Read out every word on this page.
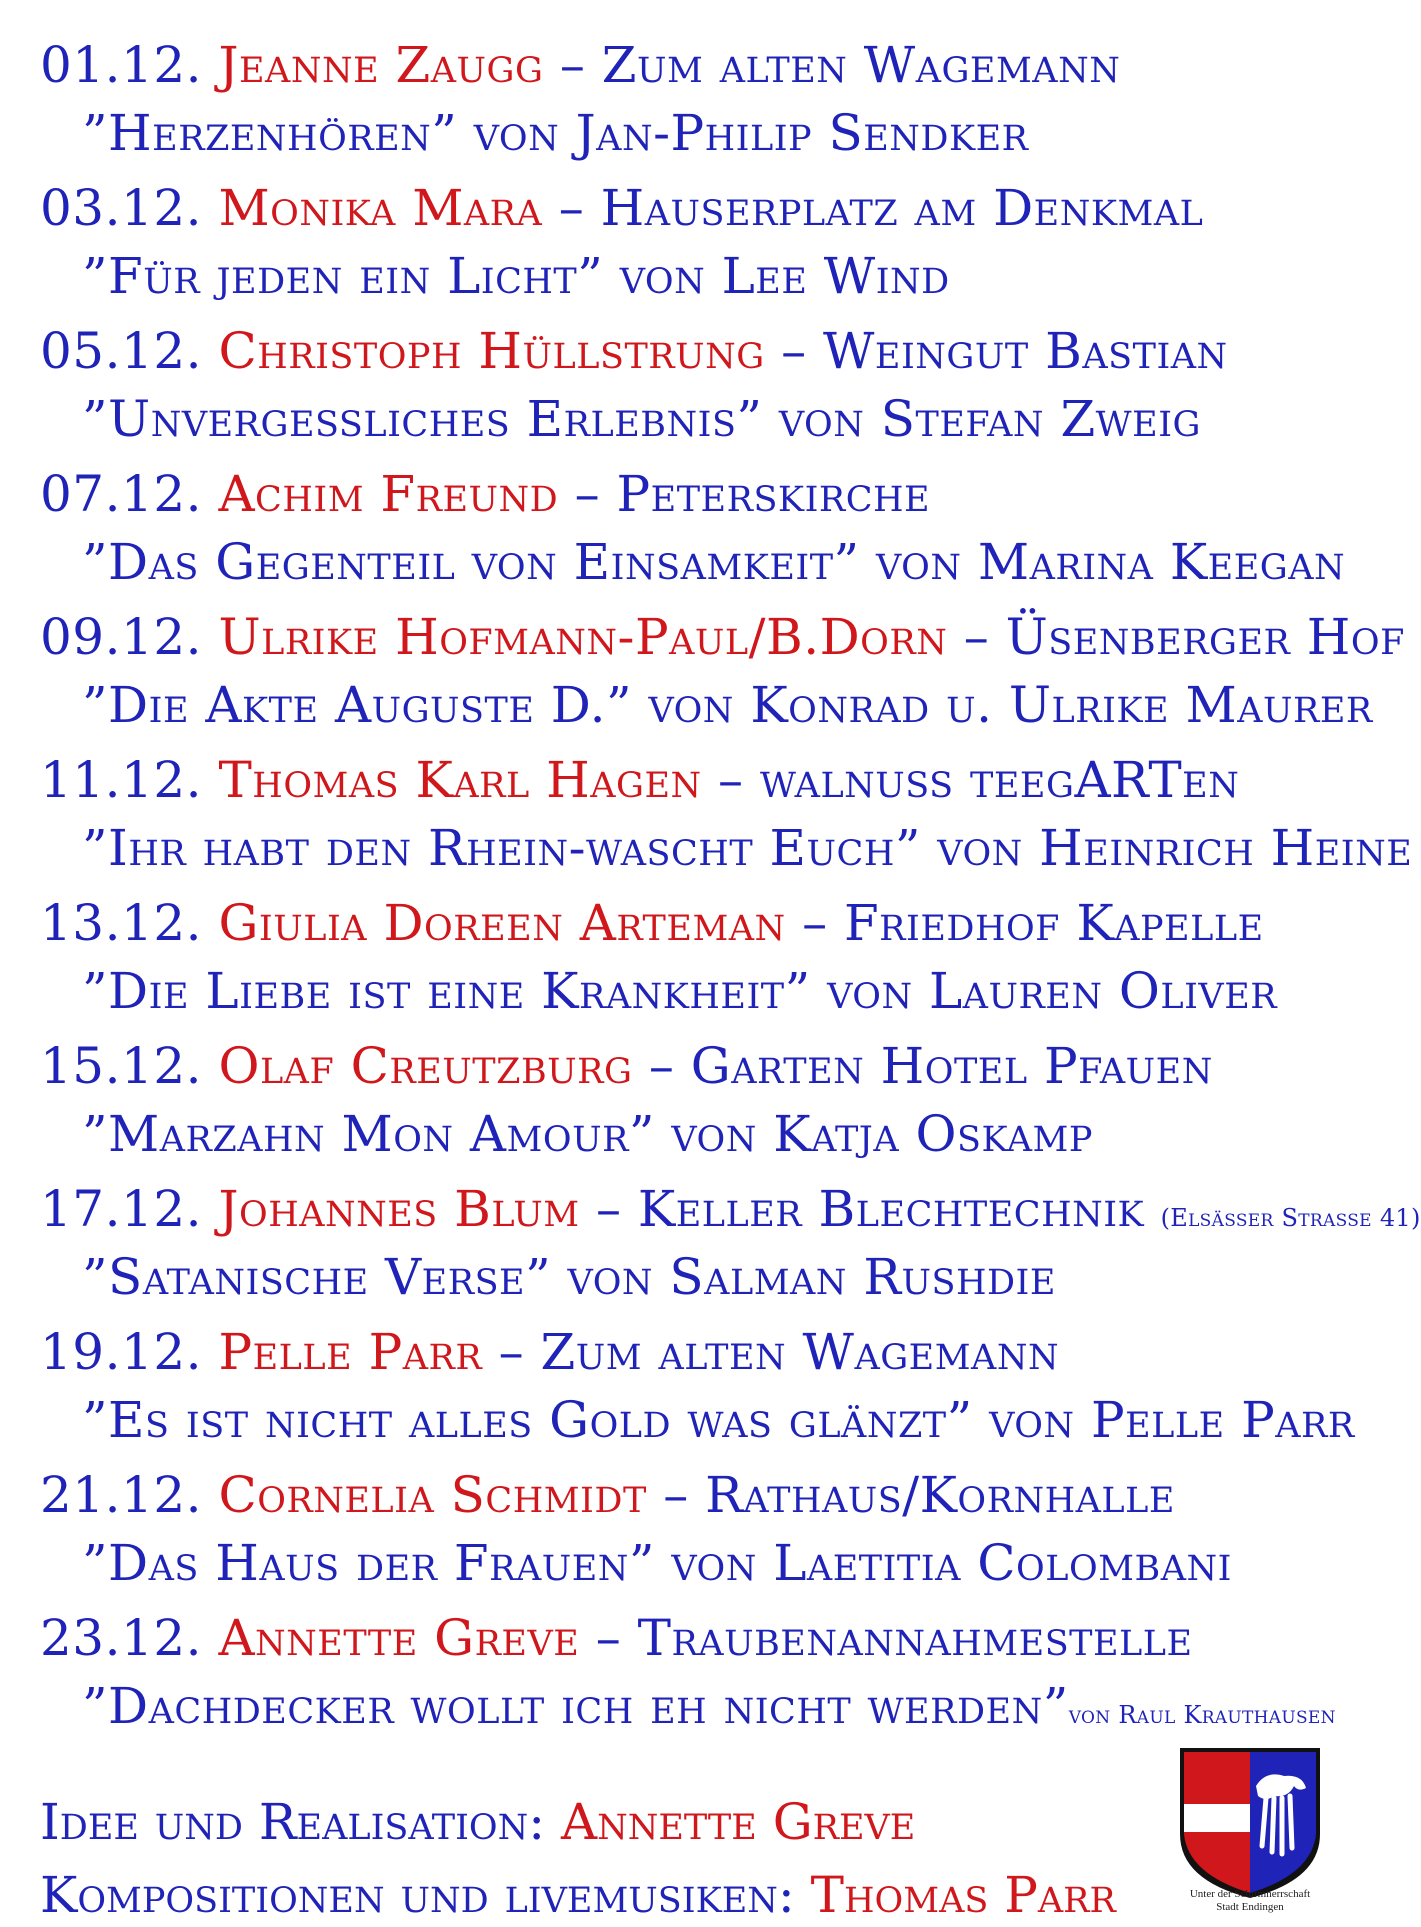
01.12. Jeanne Zaugg – Zum alten Wagemann
”Herzenhören” von Jan-Philip Sendker
03.12. Monika Mara – Hauserplatz am Denkmal
”Für jeden ein Licht” von Lee Wind
05.12. Christoph Hüllstrung – Weingut Bastian
”Unvergessliches Erlebnis” von Stefan Zweig
07.12. Achim Freund – Peterskirche
”Das Gegenteil von Einsamkeit” von Marina Keegan
09.12. Ulrike Hofmann-Paul/B.Dorn – Üsenberger Hof
”Die Akte Auguste D.” von Konrad u. Ulrike Maurer
11.12. Thomas Karl Hagen – walnuss teegARTen
”Ihr habt den Rhein-wascht Euch” von Heinrich Heine
13.12. Giulia Doreen Arteman – Friedhof Kapelle
”Die Liebe ist eine Krankheit” von Lauren Oliver
15.12. Olaf Creutzburg – Garten Hotel Pfauen
”Marzahn Mon Amour” von Katja Oskamp
17.12. Johannes Blum – Keller Blechtechnik (Elsässer Strasse 41)
”Satanische Verse” von Salman Rushdie
19.12. Pelle Parr – Zum alten Wagemann
”Es ist nicht alles Gold was glänzt” von Pelle Parr
21.12. Cornelia Schmidt – Rathaus/Kornhalle
”Das Haus der Frauen” von Laetitia Colombani
23.12. Annette Greve – Traubenannahmestelle
”Dachdecker wollt ich eh nicht werden”von Raul Krauthausen
Idee und Realisation: Annette Greve
Kompositionen und livemusiken: Thomas Parr	Unter der Schirmherrschaft
Stadt Endingen
